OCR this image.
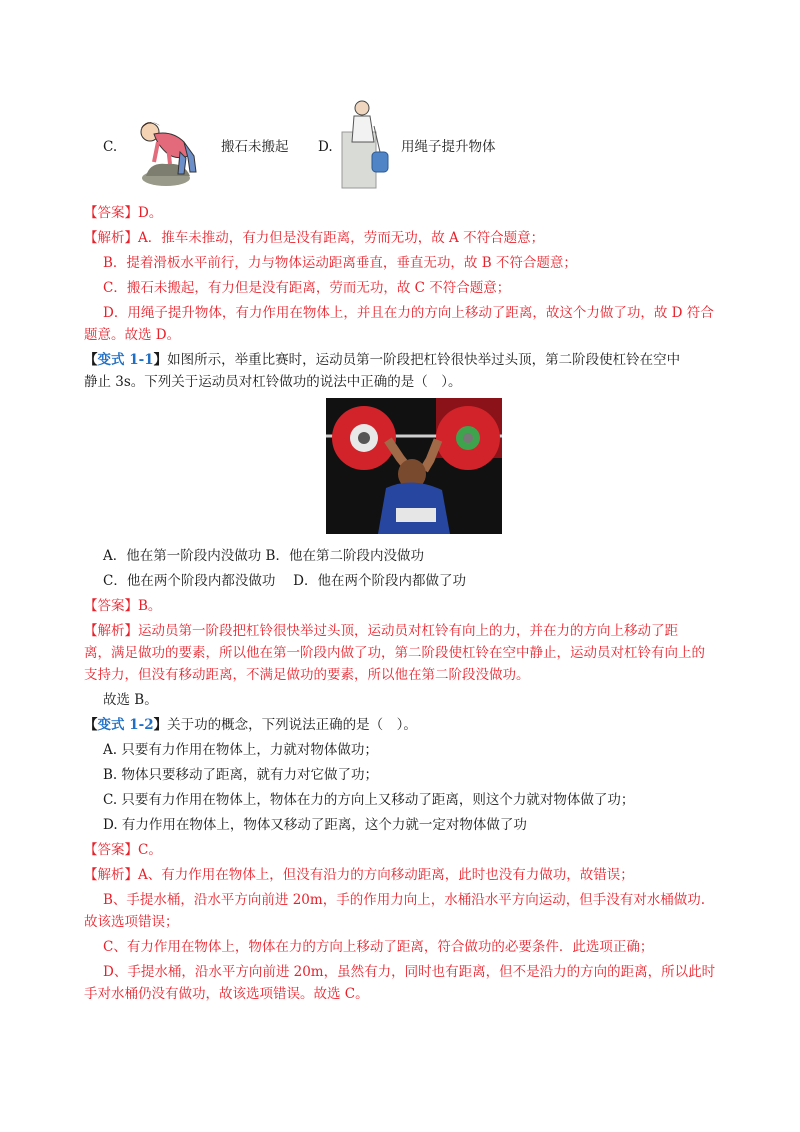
C.	搬石未搬起 D.	用绳子提升物体
【答案】D。
【解析】A．推车未推动，有力但是没有距离，劳而无功，故 A 不符合题意；
B．提着滑板水平前行，力与物体运动距离垂直，垂直无功，故 B 不符合题意；
C．搬石未搬起，有力但是没有距离，劳而无功，故 C 不符合题意；
D．用绳子提升物体，有力作用在物体上，并且在力的方向上移动了距离，故这个力做了功，故 D 符合
题意。故选 D。
【变式 1-1】如图所示，举重比赛时，运动员第一阶段把杠铃很快举过头顶，第二阶段使杠铃在空中
静止 3s。下列关于运动员对杠铃做功的说法中正确的是（　）。
A．他在第一阶段内没做功 B．他在第二阶段内没做功
C．他在两个阶段内都没做功　 D．他在两个阶段内都做了功
【答案】B。
【解析】运动员第一阶段把杠铃很快举过头顶，运动员对杠铃有向上的力，并在力的方向上移动了距
离，满足做功的要素，所以他在第一阶段内做了功，第二阶段使杠铃在空中静止，运动员对杠铃有向上的
支持力，但没有移动距离，不满足做功的要素，所以他在第二阶段没做功。
故选 B。
【变式 1-2】关于功的概念，下列说法正确的是（　）。
A. 只要有力作用在物体上，力就对物体做功；
B. 物体只要移动了距离，就有力对它做了功；
C. 只要有力作用在物体上，物体在力的方向上又移动了距离，则这个力就对物体做了功；
D. 有力作用在物体上，物体又移动了距离，这个力就一定对物体做了功
【答案】C。
【解析】A、有力作用在物体上，但没有沿力的方向移动距离，此时也没有力做功，故错误；
B、手提水桶，沿水平方向前进 20m，手的作用力向上，水桶沿水平方向运动，但手没有对水桶做功.
故该选项错误；
C、有力作用在物体上，物体在力的方向上移动了距离，符合做功的必要条件．此选项正确；
D、手提水桶，沿水平方向前进 20m，虽然有力，同时也有距离，但不是沿力的方向的距离，所以此时
手对水桶仍没有做功，故该选项错误。故选 C。
